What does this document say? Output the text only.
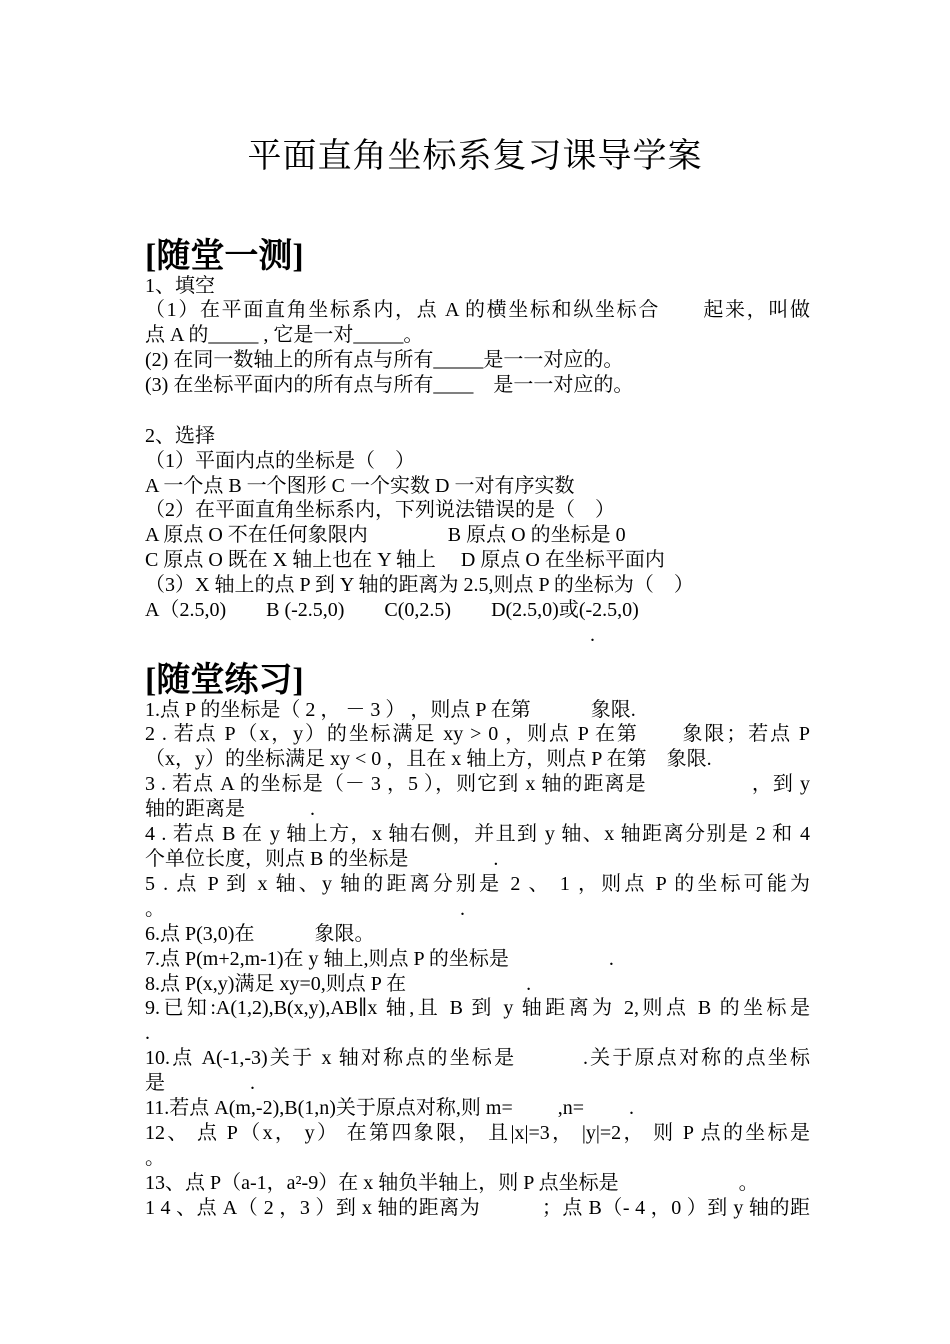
平面直角坐标系复习课导学案
[随堂一测]
1、填空
（1）在平面直角坐标系内，点 A 的横坐标和纵坐标合　　起来，叫做
点 A 的_____ , 它是一对_____。
(2) 在同一数轴上的所有点与所有_____是一一对应的。
(3) 在坐标平面内的所有点与所有____　是一一对应的。
2、选择
（1）平面内点的坐标是（　）
A 一个点 B 一个图形 C 一个实数 D 一对有序实数
（2）在平面直角坐标系内，下列说法错误的是（　）
A 原点 O 不在任何象限内　　　　B 原点 O 的坐标是 0
C 原点 O 既在 X 轴上也在 Y 轴上　 D 原点 O 在坐标平面内
（3）X 轴上的点 P 到 Y 轴的距离为 2.5,则点 P 的坐标为（　）
A（2.5,0)　　B (-2.5,0)　　C(0,2.5)　　D(2.5,0)或(-2.5,0)
.
[随堂练习]
1.点 P 的坐标是（ 2 ， － 3 ） ，则点 P 在第　　　象限.
2 . 若点 P（x，y）的坐标满足 xy > 0 ，则点 P 在第　　象限；若点 P
（x，y）的坐标满足 xy < 0 ，且在 x 轴上方，则点 P 在第　象限.
3 . 若点 A 的坐标是（－ 3 ，5 ），则它到 x 轴的距离是　　　　　，到 y
轴的距离是　　　 .
4 . 若点 B 在 y 轴上方，x 轴右侧，并且到 y 轴、x 轴距离分别是 2 和 4
个单位长度，则点 B 的坐标是　　　　 .
5 . 点 P 到 x 轴、y 轴的距离分别是 2 、 1 ，则点 P 的坐标可能为
。　　　　　　　　　　　　　　　 .
6.点 P(3,0)在　　　象限。
7.点 P(m+2,m-1)在 y 轴上,则点 P 的坐标是　　　　　.
8.点 P(x,y)满足 xy=0,则点 P 在　　　　　　.
9.已知:A(1,2),B(x,y),AB∥x 轴,且 B 到 y 轴距离为 2,则点 B 的坐标是
.
10.点 A(-1,-3)关于 x 轴对称点的坐标是　　　.关于原点对称的点坐标
是　　　　 .
11.若点 A(m,-2),B(1,n)关于原点对称,则 m=　　 ,n=　　 .
12、 点 P（x， y） 在第四象限， 且|x|=3， |y|=2， 则 P 点的坐标是
。
13、点 P（a-1，a²-9）在 x 轴负半轴上，则 P 点坐标是　　　　　　。
1 4 、点 A（ 2 ，3 ）到 x 轴的距离为　　　；点 B（- 4 ，0 ）到 y 轴的距
